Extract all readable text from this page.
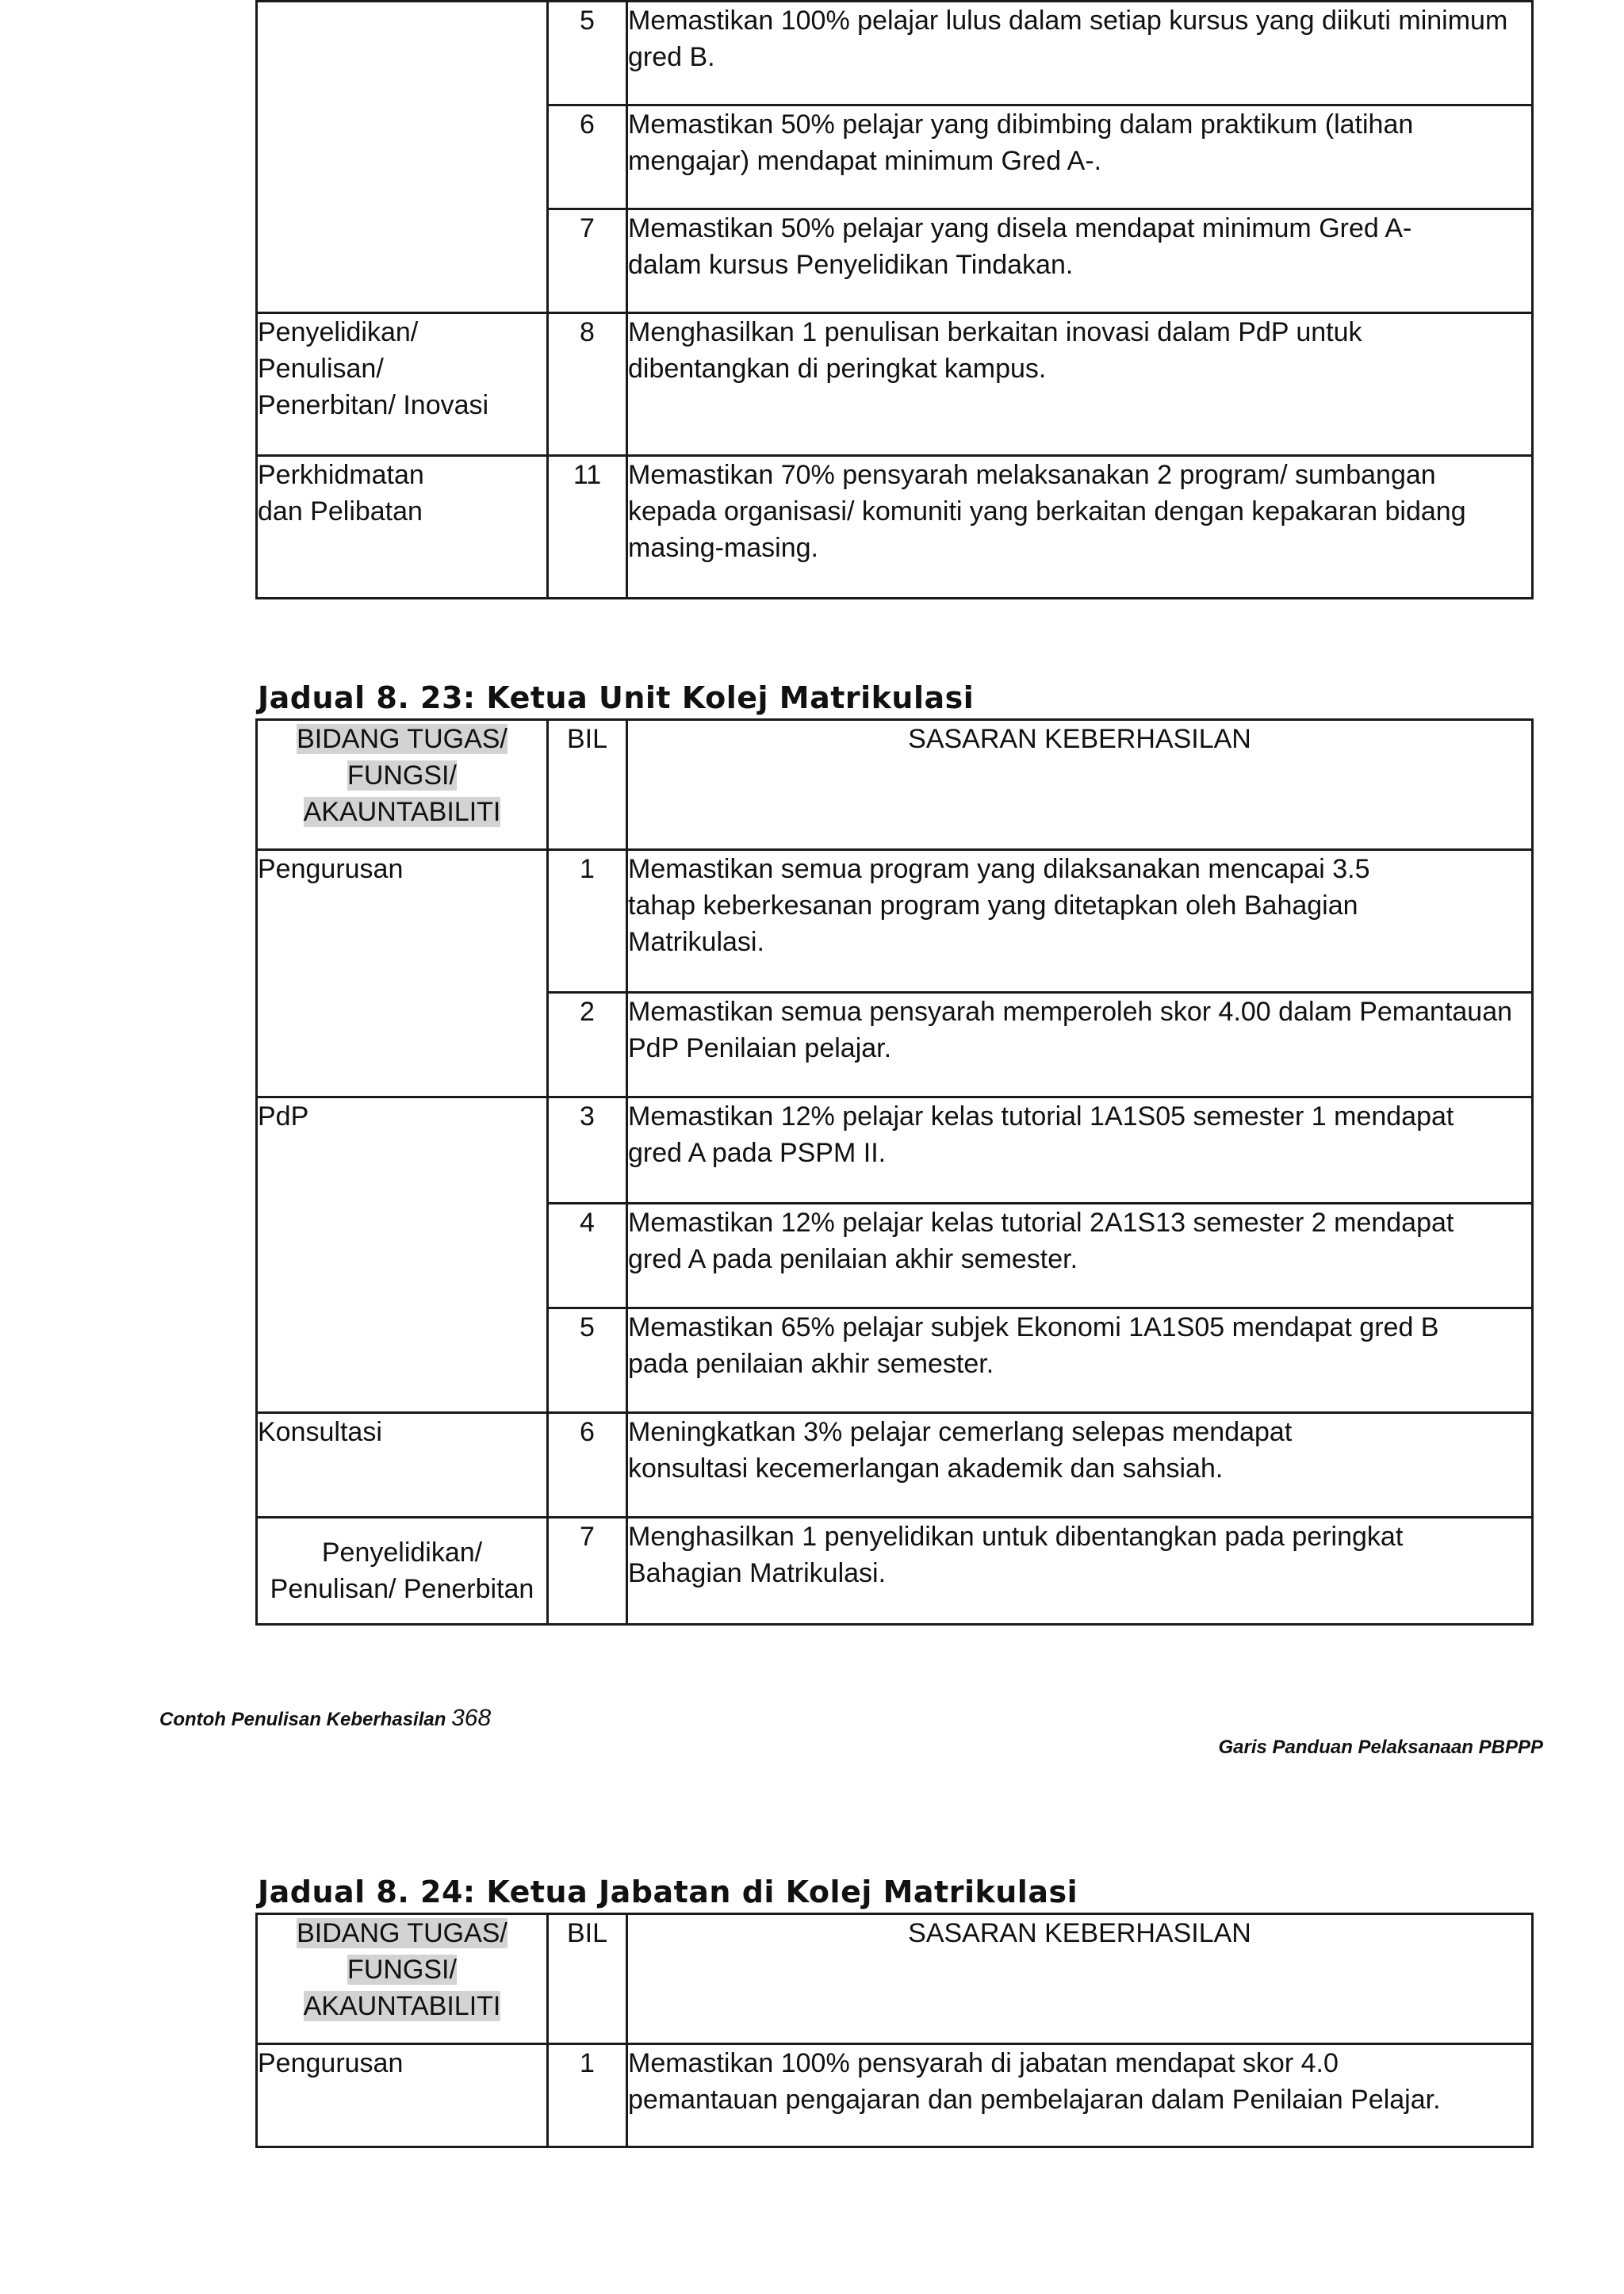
	5	Memastikan 100% pelajar lulus dalam setiap kursus yang diikuti minimum
gred B.
	6	Memastikan 50% pelajar yang dibimbing dalam praktikum (latihan
mengajar) mendapat minimum Gred A-.
	7	Memastikan 50% pelajar yang disela mendapat minimum Gred A-
dalam kursus Penyelidikan Tindakan.
Penyelidikan/
Penulisan/
Penerbitan/ Inovasi	8	Menghasilkan 1 penulisan berkaitan inovasi dalam PdP untuk
dibentangkan di peringkat kampus.
Perkhidmatan
dan Pelibatan	11	Memastikan 70% pensyarah melaksanakan 2 program/ sumbangan
kepada organisasi/ komuniti yang berkaitan dengan kepakaran bidang
masing-masing.
Jadual 8. 23: Ketua Unit Kolej Matrikulasi
BIDANG TUGAS/
FUNGSI/
AKAUNTABILITI	BIL	SASARAN KEBERHASILAN
Pengurusan	1	Memastikan semua program yang dilaksanakan mencapai 3.5
tahap keberkesanan program yang ditetapkan oleh Bahagian
Matrikulasi.
	2	Memastikan semua pensyarah memperoleh skor 4.00 dalam Pemantauan
PdP Penilaian pelajar.
PdP	3	Memastikan 12% pelajar kelas tutorial 1A1S05 semester 1 mendapat
gred A pada PSPM II.
	4	Memastikan 12% pelajar kelas tutorial 2A1S13 semester 2 mendapat
gred A pada penilaian akhir semester.
	5	Memastikan 65% pelajar subjek Ekonomi 1A1S05 mendapat gred B
pada penilaian akhir semester.
Konsultasi	6	Meningkatkan 3% pelajar cemerlang selepas mendapat
konsultasi kecemerlangan akademik dan sahsiah.
Penyelidikan/
Penulisan/ Penerbitan	7	Menghasilkan 1 penyelidikan untuk dibentangkan pada peringkat
Bahagian Matrikulasi.
Contoh Penulisan Keberhasilan 368
Garis Panduan Pelaksanaan PBPPP
Jadual 8. 24: Ketua Jabatan di Kolej Matrikulasi
BIDANG TUGAS/
FUNGSI/
AKAUNTABILITI	BIL	SASARAN KEBERHASILAN
Pengurusan	1	Memastikan 100% pensyarah di jabatan mendapat skor 4.0
pemantauan pengajaran dan pembelajaran dalam Penilaian Pelajar.
